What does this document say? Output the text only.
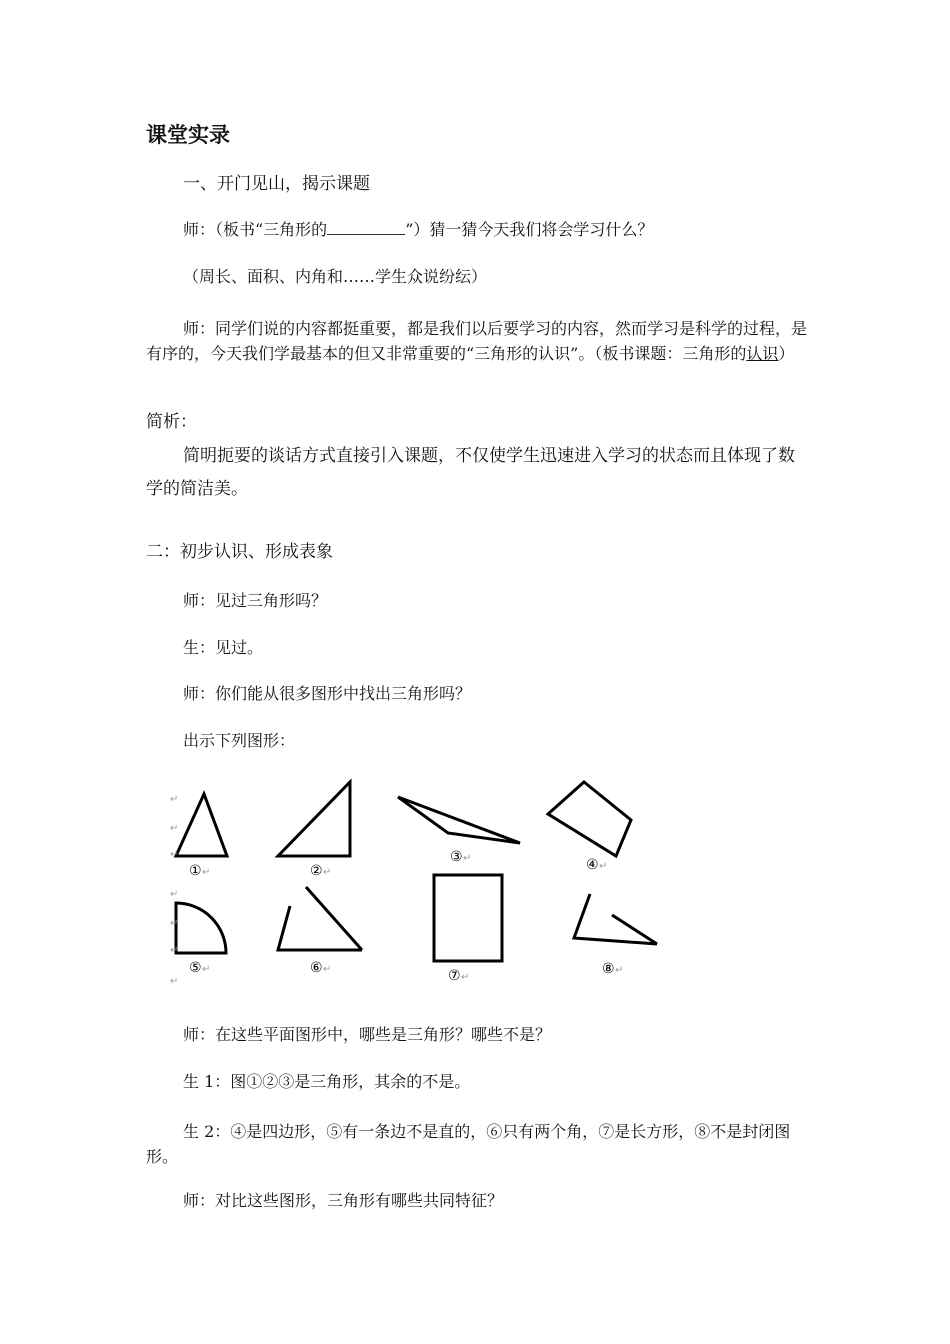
课堂实录
一、开门见山，揭示课题
师：（板书“三角形的	”）猜一猜今天我们将会学习什么？
（周长、面积、内角和……学生众说纷纭）
师：同学们说的内容都挺重要，都是我们以后要学习的内容，然而学习是科学的过程，是有序的，今天我们学最基本的但又非常重要的“三角形的认识”。（板书课题：三角形的认识）
简析：
简明扼要的谈话方式直接引入课题，不仅使学生迅速进入学习的状态而且体现了数学的简洁美。
二：初步认识、形成表象
师：见过三角形吗？
生：见过。
师：你们能从很多图形中找出三角形吗？
出示下列图形：
①	②
③	④
⑤	⑥	⑦	⑧
↵
↵
↵
↵	↵
↵
↵
↵
↵
↵
↵	↵
↵
↵
↵
师：在这些平面图形中，哪些是三角形？哪些不是？
生 1：图①②③是三角形，其余的不是。
生 2：④是四边形，⑤有一条边不是直的，⑥只有两个角，⑦是长方形，⑧不是封闭图形。
师：对比这些图形，三角形有哪些共同特征？
